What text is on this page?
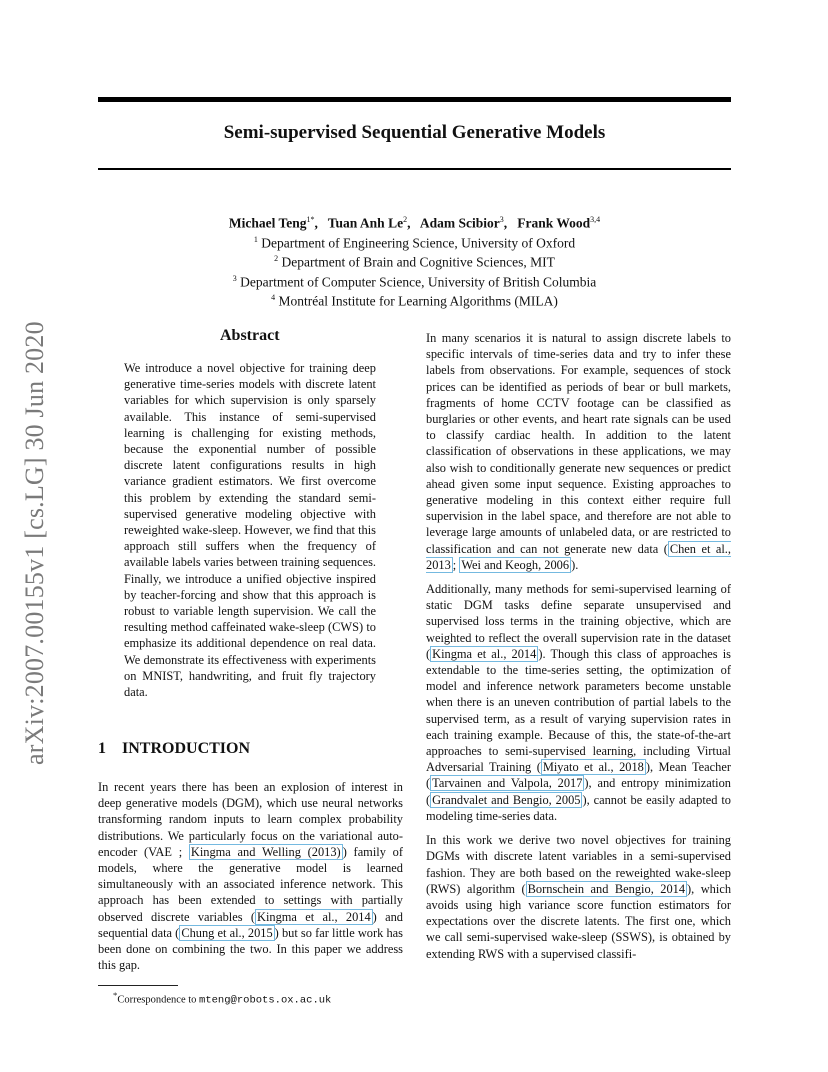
arXiv:2007.00155v1 [cs.LG] 30 Jun 2020
Semi-supervised Sequential Generative Models
Michael Teng$^{1*}$,   Tuan Anh Le$^2$,   Adam Scibior$^3$,   Frank Wood$^{3,4}$
$^1$ Department of Engineering Science, University of Oxford
$^2$ Department of Brain and Cognitive Sciences, MIT
$^3$ Department of Computer Science, University of British Columbia
$^4$ Montréal Institute for Learning Algorithms (MILA)
Abstract

We introduce a novel objective for training deep generative time-series models with discrete latent variables for which supervision is only sparsely available. This instance of semi-supervised learning is challenging for existing methods, because the exponential number of possible discrete latent configurations results in high variance gradient estimators. We first overcome this problem by extending the standard semi-supervised generative modeling objective with reweighted wake-sleep. However, we find that this approach still suffers when the frequency of available labels varies between training sequences. Finally, we introduce a unified objective inspired by teacher-forcing and show that this approach is robust to variable length supervision. We call the resulting method caffeinated wake-sleep (CWS) to emphasize its additional dependence on real data. We demonstrate its effectiveness with experiments on MNIST, handwriting, and fruit fly trajectory data.

1 INTRODUCTION

In recent years there has been an explosion of interest in deep generative models (DGM), which use neural networks transforming random inputs to learn complex probability distributions. We particularly focus on the variational auto-encoder (VAE ; Kingma and Welling (2013) ) family of models, where the generative model is learned simultaneously with an associated inference network. This approach has been extended to settings with partially observed discrete variables ( Kingma et al., 2014 ) and sequential data ( Chung et al., 2015 ) but so far little work has been done on combining the two. In this paper we address this gap.

*Correspondence to mteng@robots.ox.ac.uk

In many scenarios it is natural to assign discrete labels to specific intervals of time-series data and try to infer these labels from observations. For example, sequences of stock prices can be identified as periods of bear or bull markets, fragments of home CCTV footage can be classified as burglaries or other events, and heart rate signals can be used to classify cardiac health. In addition to the latent classification of observations in these applications, we may also wish to conditionally generate new sequences or predict ahead given some input sequence. Existing approaches to generative modeling in this context either require full supervision in the label space, and therefore are not able to leverage large amounts of unlabeled data, or are restricted to classification and can not generate new data ( Chen et al., 2013 ; Wei and Keogh, 2006 ).

Additionally, many methods for semi-supervised learning of static DGM tasks define separate unsupervised and supervised loss terms in the training objective, which are weighted to reflect the overall supervision rate in the dataset ( Kingma et al., 2014 ). Though this class of approaches is extendable to the time-series setting, the optimization of model and inference network parameters become unstable when there is an uneven contribution of partial labels to the supervised term, as a result of varying supervision rates in each training example. Because of this, the state-of-the-art approaches to semi-supervised learning, including Virtual Adversarial Training ( Miyato et al., 2018 ), Mean Teacher ( Tarvainen and Valpola, 2017 ), and entropy minimization ( Grandvalet and Bengio, 2005 ), cannot be easily adapted to modeling time-series data.

In this work we derive two novel objectives for training DGMs with discrete latent variables in a semi-supervised fashion. They are both based on the reweighted wake-sleep (RWS) algorithm ( Bornschein and Bengio, 2014 ), which avoids using high variance score function estimators for expectations over the discrete latents. The first one, which we call semi-supervised wake-sleep (SSWS), is obtained by extending RWS with a supervised classifi-
